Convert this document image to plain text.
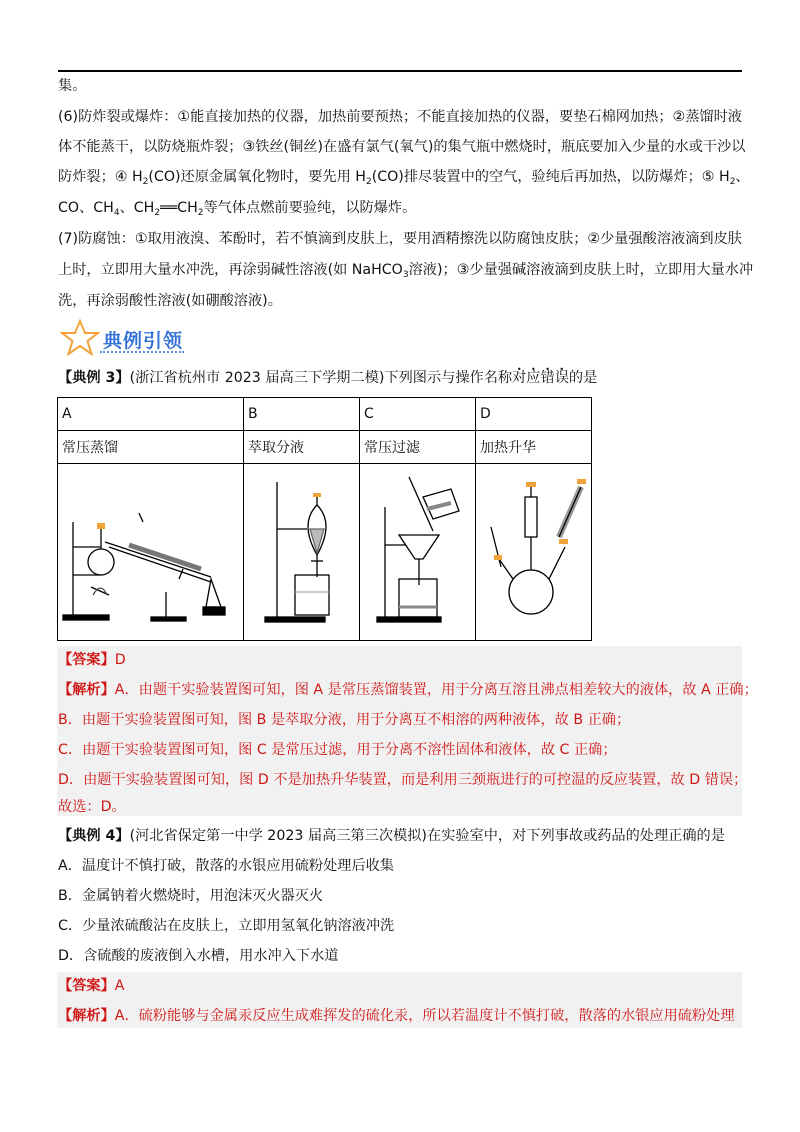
集。
(6)防炸裂或爆炸：①能直接加热的仪器，加热前要预热；不能直接加热的仪器，要垫石棉网加热；②蒸馏时液
体不能蒸干，以防烧瓶炸裂；③铁丝(铜丝)在盛有氯气(氧气)的集气瓶中燃烧时，瓶底要加入少量的水或干沙以
防炸裂；④ $H_2(CO)$还原金属氧化物时，要先用 $H_2(CO)$排尽装置中的空气，验纯后再加热，以防爆炸；⑤ $H_2$、
CO、$CH_4$、$CH_2══CH_2$等气体点燃前要验纯，以防爆炸。
(7)防腐蚀：①取用液溴、苯酚时，若不慎滴到皮肤上，要用酒精擦洗以防腐蚀皮肤；②少量强酸溶液滴到皮肤
上时，立即用大量水冲洗，再涂弱碱性溶液(如 NaHCO$_3$溶液)；③少量强碱溶液滴到皮肤上时，立即用大量水冲
洗，再涂弱酸性溶液(如硼酸溶液)。
典例引领
【典例 3】(浙江省杭州市 2023 届高三下学期二模)下列图示与操作名称对应错误的是
A	B	C	D
常压蒸馏	萃取分液	常压过滤	加热升华

【答案】D
【解析】A．由题干实验装置图可知，图 A 是常压蒸馏装置，用于分离互溶且沸点相差较大的液体，故 A 正确；
B．由题干实验装置图可知，图 B 是萃取分液，用于分离互不相溶的两种液体，故 B 正确；
C．由题干实验装置图可知，图 C 是常压过滤，用于分离不溶性固体和液体，故 C 正确；
D．由题干实验装置图可知，图 D 不是加热升华装置，而是利用三颈瓶进行的可控温的反应装置，故 D 错误；
故选：D。
【典例 4】(河北省保定第一中学 2023 届高三第三次模拟)在实验室中，对下列事故或药品的处理正确的是
A．温度计不慎打破，散落的水银应用硫粉处理后收集
B．金属钠着火燃烧时，用泡沫灭火器灭火
C．少量浓硫酸沾在皮肤上，立即用氢氧化钠溶液冲洗
D．含硫酸的废液倒入水槽，用水冲入下水道
【答案】A
【解析】A．硫粉能够与金属汞反应生成难挥发的硫化汞，所以若温度计不慎打破，散落的水银应用硫粉处理
